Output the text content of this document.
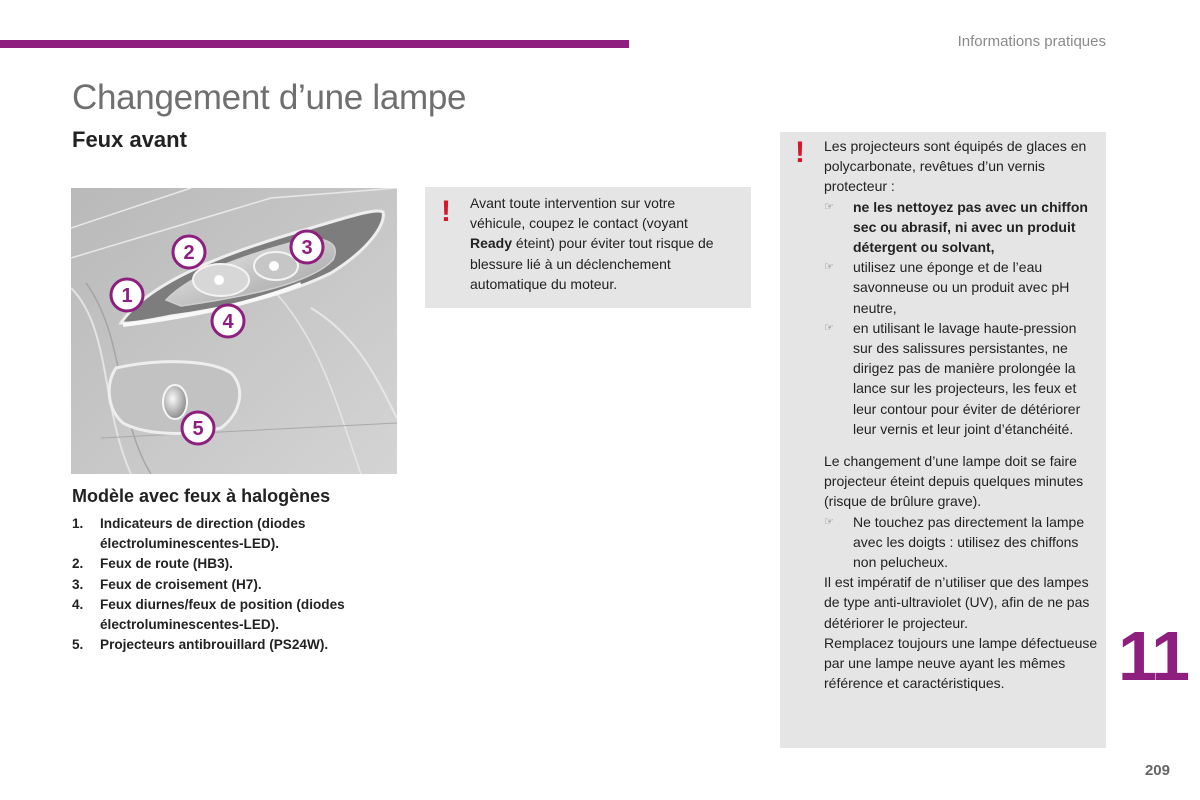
Informations pratiques
Changement d’une lampe
Feux avant
1
2	3
4
5
! Avant toute intervention sur votre véhicule, coupez le contact (voyant Ready éteint) pour éviter tout risque de blessure lié à un déclenchement automatique du moteur.
! Les projecteurs sont équipés de glaces en polycarbonate, revêtues d’un vernis protecteur :
☞ ne les nettoyez pas avec un chiffon sec ou abrasif, ni avec un produit détergent ou solvant,
☞ utilisez une éponge et de l’eau savonneuse ou un produit avec pH neutre,
☞ en utilisant le lavage haute-pression sur des salissures persistantes, ne dirigez pas de manière prolongée la lance sur les projecteurs, les feux et leur contour pour éviter de détériorer leur vernis et leur joint d’étanchéité.
Le changement d’une lampe doit se faire projecteur éteint depuis quelques minutes (risque de brûlure grave).
☞ Ne touchez pas directement la lampe avec les doigts : utilisez des chiffons non pelucheux.
Il est impératif de n’utiliser que des lampes de type anti-ultraviolet (UV), afin de ne pas détériorer le projecteur.
Remplacez toujours une lampe défectueuse par une lampe neuve ayant les mêmes référence et caractéristiques.
Modèle avec feux à halogènes
1. Indicateurs de direction (diodes électroluminescentes-LED).
2. Feux de route (HB3).
3. Feux de croisement (H7).
4. Feux diurnes/feux de position (diodes électroluminescentes-LED).
5. Projecteurs antibrouillard (PS24W).	11
209
